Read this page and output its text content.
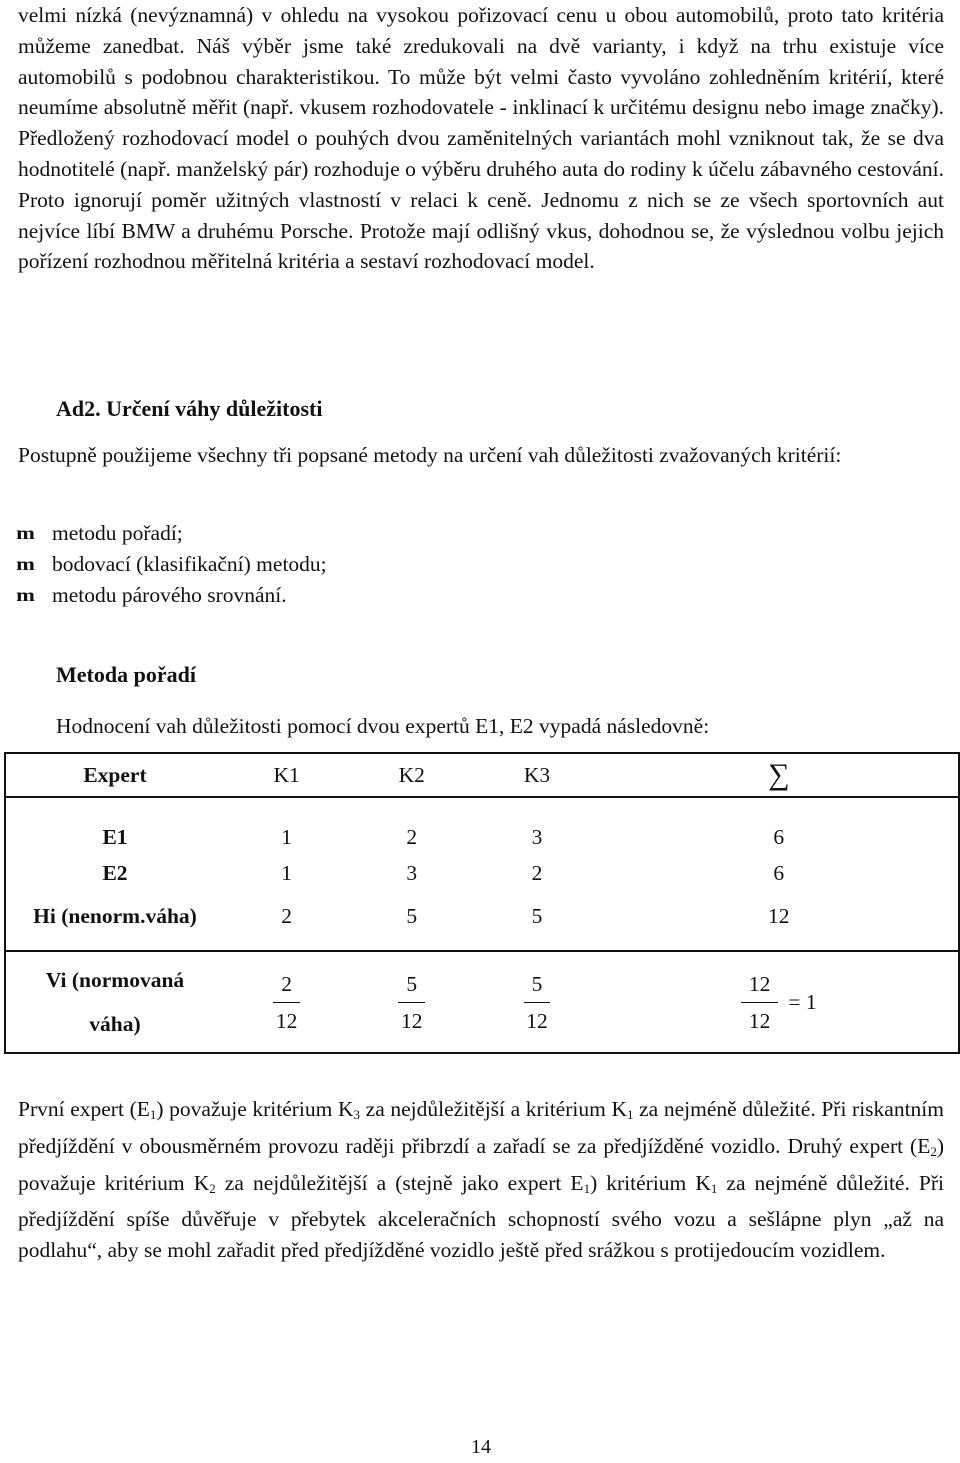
velmi nízká (nevýznamná) v ohledu na vysokou pořizovací cenu u obou automobilů, proto tato kritéria můžeme zanedbat. Náš výběr jsme také zredukovali na dvě varianty, i když na trhu existuje více automobilů s podobnou charakteristikou. To může být velmi často vyvoláno zohledněním kritérií, které neumíme absolutně měřit (např. vkusem rozhodovatele - inklinací k určitému designu nebo image značky). Předložený rozhodovací model o pouhých dvou zaměnitelných variantách mohl vzniknout tak, že se dva hodnotitelé (např. manželský pár) rozhoduje o výběru druhého auta do rodiny k účelu zábavného cestování. Proto ignorují poměr užitných vlastností v relaci k ceně. Jednomu z nich se ze všech sportovních aut nejvíce líbí BMW a druhému Porsche. Protože mají odlišný vkus, dohodnou se, že výslednou volbu jejich pořízení rozhodnou měřitelná kritéria a sestaví rozhodovací model.

Ad2. Určení váhy důležitosti

Postupně použijeme všechny tři popsané metody na určení vah důležitosti zvažovaných kritérií:

m metodu pořadí;
m bodovací (klasifikační) metodu;
m metodu párového srovnání.
Metoda pořadí
Hodnocení vah důležitosti pomocí dvou expertů E1, E2 vypadá následovně:
Expert	K1	K2	K3	∑
E1	1	2	3	6
E2	1	3	2	6
Hi (nenorm.váha)	2	5	5	12
Vi (normovaná
váha)	$\frac{2}{12}$	$\frac{5}{12}$	$\frac{5}{12}$	$\frac{12}{12} = 1$

První expert $(E_1)$ považuje kritérium $K_3$ za nejdůležitější a kritérium $K_1$ za nejméně důležité. Při riskantním předjíždění v obousměrném provozu raději přibrzdí a zařadí se za předjížděné vozidlo. Druhý expert $(E_2)$ považuje kritérium $K_2$ za nejdůležitější a (stejně jako expert $E_1$) kritérium $K_1$ za nejméně důležité. Při předjíždění spíše důvěřuje v přebytek akceleračních schopností svého vozu a sešlápne plyn „až na podlahu“, aby se mohl zařadit před předjížděné vozidlo ještě před srážkou s protijedoucím vozidlem.

14
